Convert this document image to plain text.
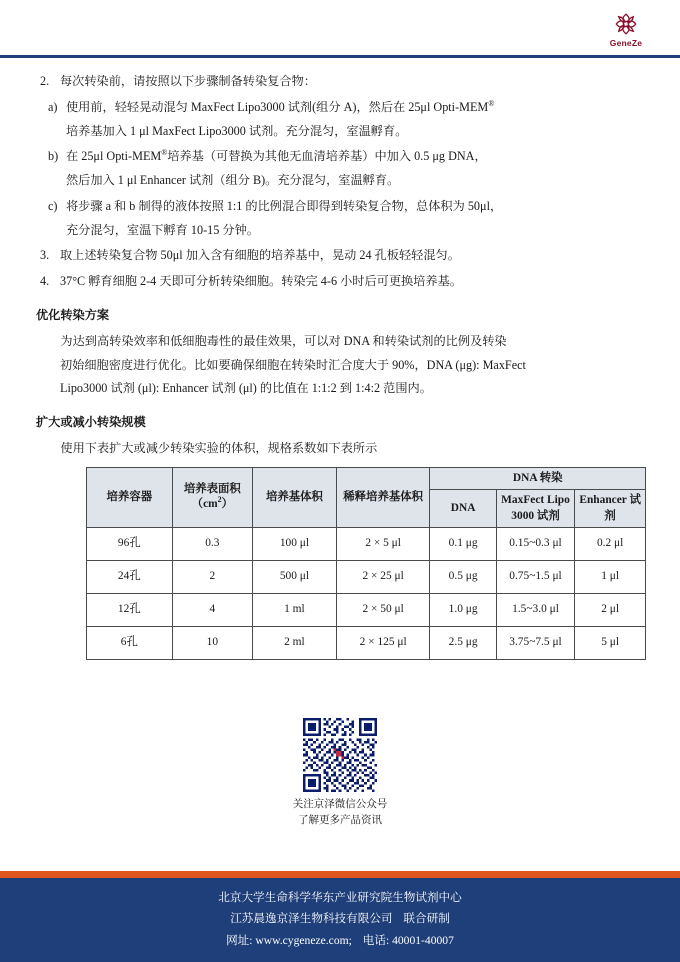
GeneZe
2. 每次转染前，请按照以下步骤制备转染复合物：
a) 使用前，轻轻晃动混匀 MaxFect Lipo3000 试剂(组分 A)，然后在 25μl Opti-MEM®
培养基加入 1 μl MaxFect Lipo3000 试剂。充分混匀，室温孵育。
b) 在 25μl Opti-MEM®培养基（可替换为其他无血清培养基）中加入 0.5 μg DNA，
然后加入 1 μl Enhancer 试剂（组分 B)。充分混匀，室温孵育。
c) 将步骤 a 和 b 制得的液体按照 1:1 的比例混合即得到转染复合物，总体积为 50μl，
充分混匀，室温下孵育 10-15 分钟。
3. 取上述转染复合物 50μl 加入含有细胞的培养基中，晃动 24 孔板轻轻混匀。
4. 37°C 孵育细胞 2-4 天即可分析转染细胞。转染完 4-6 小时后可更换培养基。
优化转染方案
为达到高转染效率和低细胞毒性的最佳效果，可以对 DNA 和转染试剂的比例及转染
初始细胞密度进行优化。比如要确保细胞在转染时汇合度大于 90%，DNA (μg): MaxFect
Lipo3000 试剂 (μl): Enhancer 试剂 (μl) 的比值在 1:1:2 到 1:4:2 范围内。
扩大或减小转染规模
使用下表扩大或减少转染实验的体积，规格系数如下表所示
培养容器	培养表面积$(cm^2)$	培养基体积	稀释培养基体积	DNA 转染		
				DNA	MaxFect Lipo 3000 试剂	Enhancer 试剂
96孔	0.3	100 μl	2 × 5 μl	0.1 μg	0.15~0.3 μl	0.2 μl
24孔	2	500 μl	2 × 25 μl	0.5 μg	0.75~1.5 μl	1 μl
12孔	4	1 ml	2 × 50 μl	1.0 μg	1.5~3.0 μl	2 μl
6孔	10	2 ml	2 × 125 μl	2.5 μg	3.75~7.5 μl	5 μl
关注京泽微信公众号
了解更多产品资讯
北京大学生命科学华东产业研究院生物试剂中心
江苏晨逸京泽生物科技有限公司 联合研制
网址: www.cygeneze.com; 电话: 40001-40007
